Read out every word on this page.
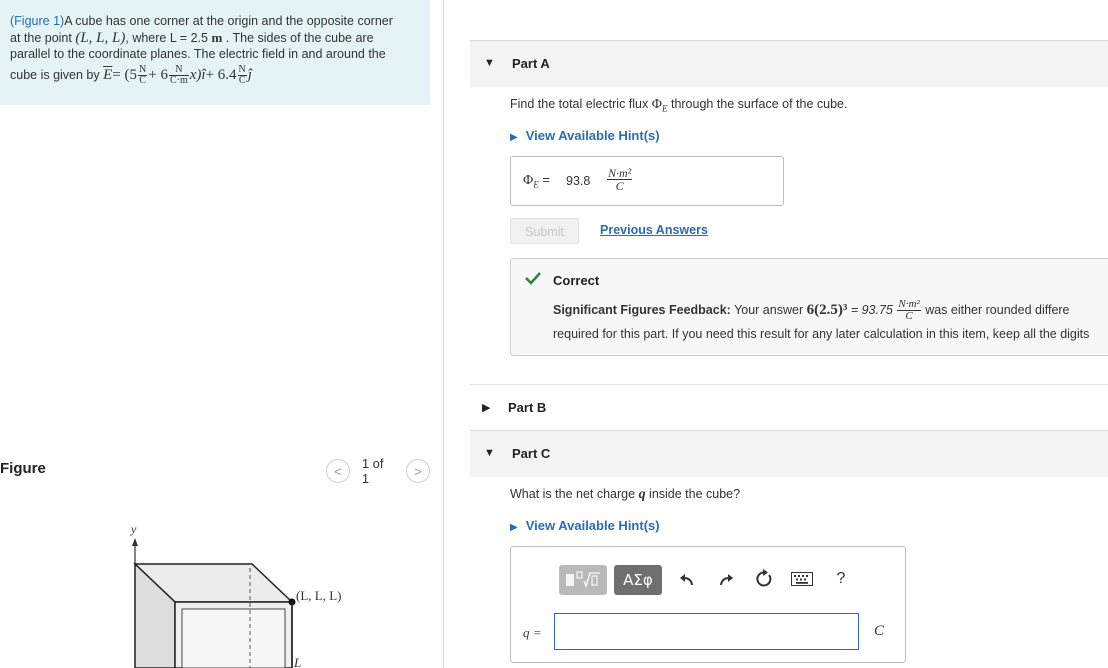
(Figure 1)A cube has one corner at the origin and the opposite corner
at the point (L, L, L), where L = 2.5 m . The sides of the cube are
parallel to the coordinate planes. The electric field in and around the
cube is given by $\overline{E}= (5 \frac{N}{C} + 6 \frac{N}{C\cdot m}$ x)î+ $6.4 \frac{N}{C}$ ĵ
Figure	<	1 of 1	>
y
(L, L, L)
L
▼ Part A
Find the total electric flux $\Phi_E$ through the surface of the cube.
▶ View Available Hint(s)
$\Phi_E = 93.8 \frac{\text{N·m²}}{C}$
Submit	Previous Answers
Correct
Significant Figures Feedback: Your answer $6(2.5)^3 = 93.75 \frac{\text{N·m²}}{C}$ was either rounded differe
required for this part. If you need this result for any later calculation in this item, keep all the digits
▶ Part B
▼ Part C
What is the net charge q inside the cube?
▶ View Available Hint(s)
ΑΣφ	?
q =	C
